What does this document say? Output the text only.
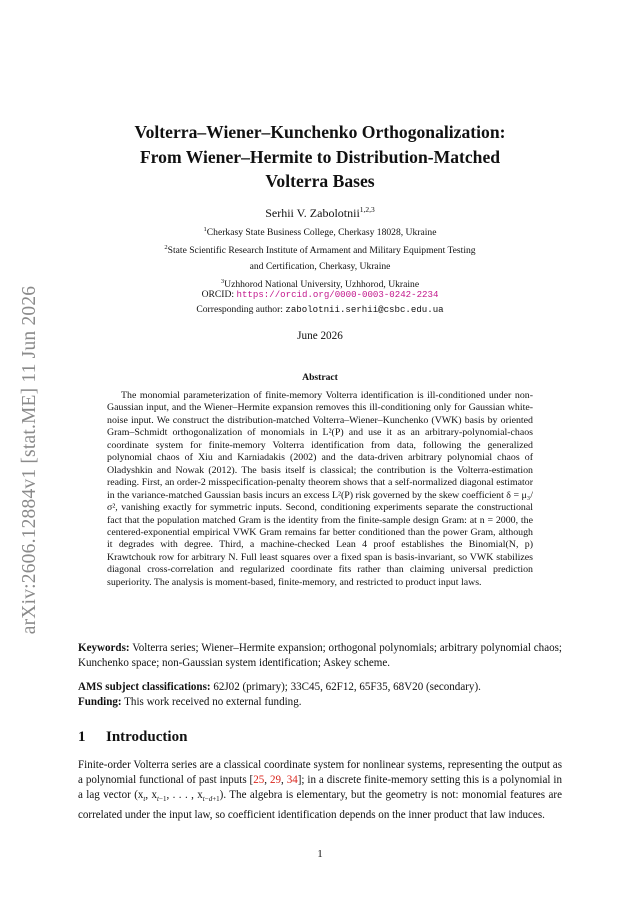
arXiv:2606.12884v1 [stat.ME] 11 Jun 2026
Volterra–Wiener–Kunchenko Orthogonalization:
From Wiener–Hermite to Distribution-Matched
Volterra Bases
Serhii V. Zabolotnii$^{1,2,3}$
$^1$Cherkasy State Business College, Cherkasy 18028, Ukraine
$^2$State Scientific Research Institute of Armament and Military Equipment Testing
and Certification, Cherkasy, Ukraine
$^3$Uzhhorod National University, Uzhhorod, Ukraine
ORCID: https://orcid.org/0000-0003-0242-2234
Corresponding author: zabolotnii.serhii@csbc.edu.ua
June 2026
Abstract

The monomial parameterization of finite-memory Volterra identification is ill-conditioned under non-Gaussian input, and the Wiener–Hermite expansion removes this ill-conditioning only for Gaussian white-noise input. We construct the distribution-matched Volterra–Wiener–Kunchenko (VWK) basis by oriented Gram–Schmidt orthogonalization of monomials in L²(P) and use it as an arbitrary-polynomial-chaos coordinate system for finite-memory Volterra identification from data, following the generalized polynomial chaos of Xiu and Karniadakis (2002) and the data-driven arbitrary polynomial chaos of Oladyshkin and Nowak (2012). The basis itself is classical; the contribution is the Volterra-estimation reading. First, an order-2 misspecification-penalty theorem shows that a self-normalized diagonal estimator in the variance-matched Gaussian basis incurs an excess L²(P) risk governed by the skew coefficient δ = μ₃/σ², vanishing exactly for symmetric inputs. Second, conditioning experiments separate the constructional fact that the population matched Gram is the identity from the finite-sample design Gram: at n = 2000, the centered-exponential empirical VWK Gram remains far better conditioned than the power Gram, although it degrades with degree. Third, a machine-checked Lean 4 proof establishes the Binomial(N, p) Krawtchouk row for arbitrary N. Full least squares over a fixed span is basis-invariant, so VWK stabilizes diagonal cross-correlation and regularized coordinate fits rather than claiming universal prediction superiority. The analysis is moment-based, finite-memory, and restricted to product input laws.

Keywords: Volterra series; Wiener–Hermite expansion; orthogonal polynomials; arbitrary polynomial chaos; Kunchenko space; non-Gaussian system identification; Askey scheme.

AMS subject classifications: 62J02 (primary); 33C45, 62F12, 65F35, 68V20 (secondary).

Funding: This work received no external funding.

1 Introduction

Finite-order Volterra series are a classical coordinate system for nonlinear systems, representing the output as a polynomial functional of past inputs [25, 29, 34]; in a discrete finite-memory setting this is a polynomial in a lag vector ($x_t$, $x_{t-1}$, . . . , $x_{t-d+1}$). The algebra is elementary, but the geometry is not: monomial features are correlated under the input law, so coefficient identification depends on the inner product that law induces.

1
